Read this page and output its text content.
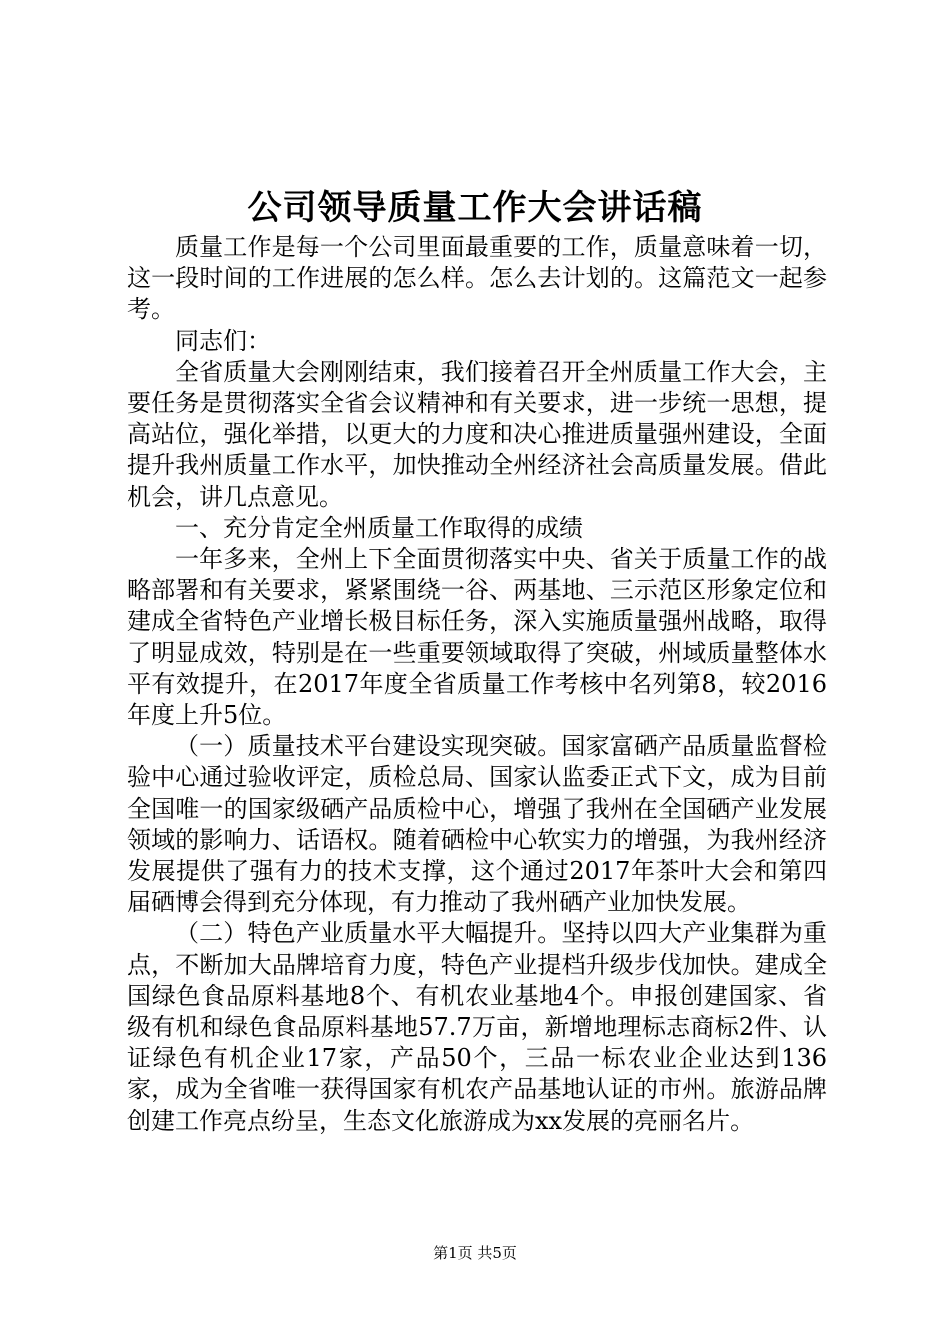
公司领导质量工作大会讲话稿

质量工作是每一个公司里面最重要的工作，质量意味着一切，这一段时间的工作进展的怎么样。怎么去计划的。这篇范文一起参考。

同志们：

全省质量大会刚刚结束，我们接着召开全州质量工作大会，主要任务是贯彻落实全省会议精神和有关要求，进一步统一思想，提高站位，强化举措，以更大的力度和决心推进质量强州建设，全面提升我州质量工作水平，加快推动全州经济社会高质量发展。借此机会，讲几点意见。

一、充分肯定全州质量工作取得的成绩

一年多来，全州上下全面贯彻落实中央、省关于质量工作的战略部署和有关要求，紧紧围绕一谷、两基地、三示范区形象定位和建成全省特色产业增长极目标任务，深入实施质量强州战略，取得了明显成效，特别是在一些重要领域取得了突破，州域质量整体水平有效提升，在2017年度全省质量工作考核中名列第8，较2016年度上升5位。

（一）质量技术平台建设实现突破。国家富硒产品质量监督检验中心通过验收评定，质检总局、国家认监委正式下文，成为目前全国唯一的国家级硒产品质检中心，增强了我州在全国硒产业发展领域的影响力、话语权。随着硒检中心软实力的增强，为我州经济发展提供了强有力的技术支撑，这个通过2017年茶叶大会和第四届硒博会得到充分体现，有力推动了我州硒产业加快发展。

（二）特色产业质量水平大幅提升。坚持以四大产业集群为重点，不断加大品牌培育力度，特色产业提档升级步伐加快。建成全国绿色食品原料基地8个、有机农业基地4个。申报创建国家、省级有机和绿色食品原料基地57.7万亩，新增地理标志商标2件、认证绿色有机企业17家，产品50个，三品一标农业企业达到136家，成为全省唯一获得国家有机农产品基地认证的市州。旅游品牌创建工作亮点纷呈，生态文化旅游成为xx发展的亮丽名片。

第1页 共5页
